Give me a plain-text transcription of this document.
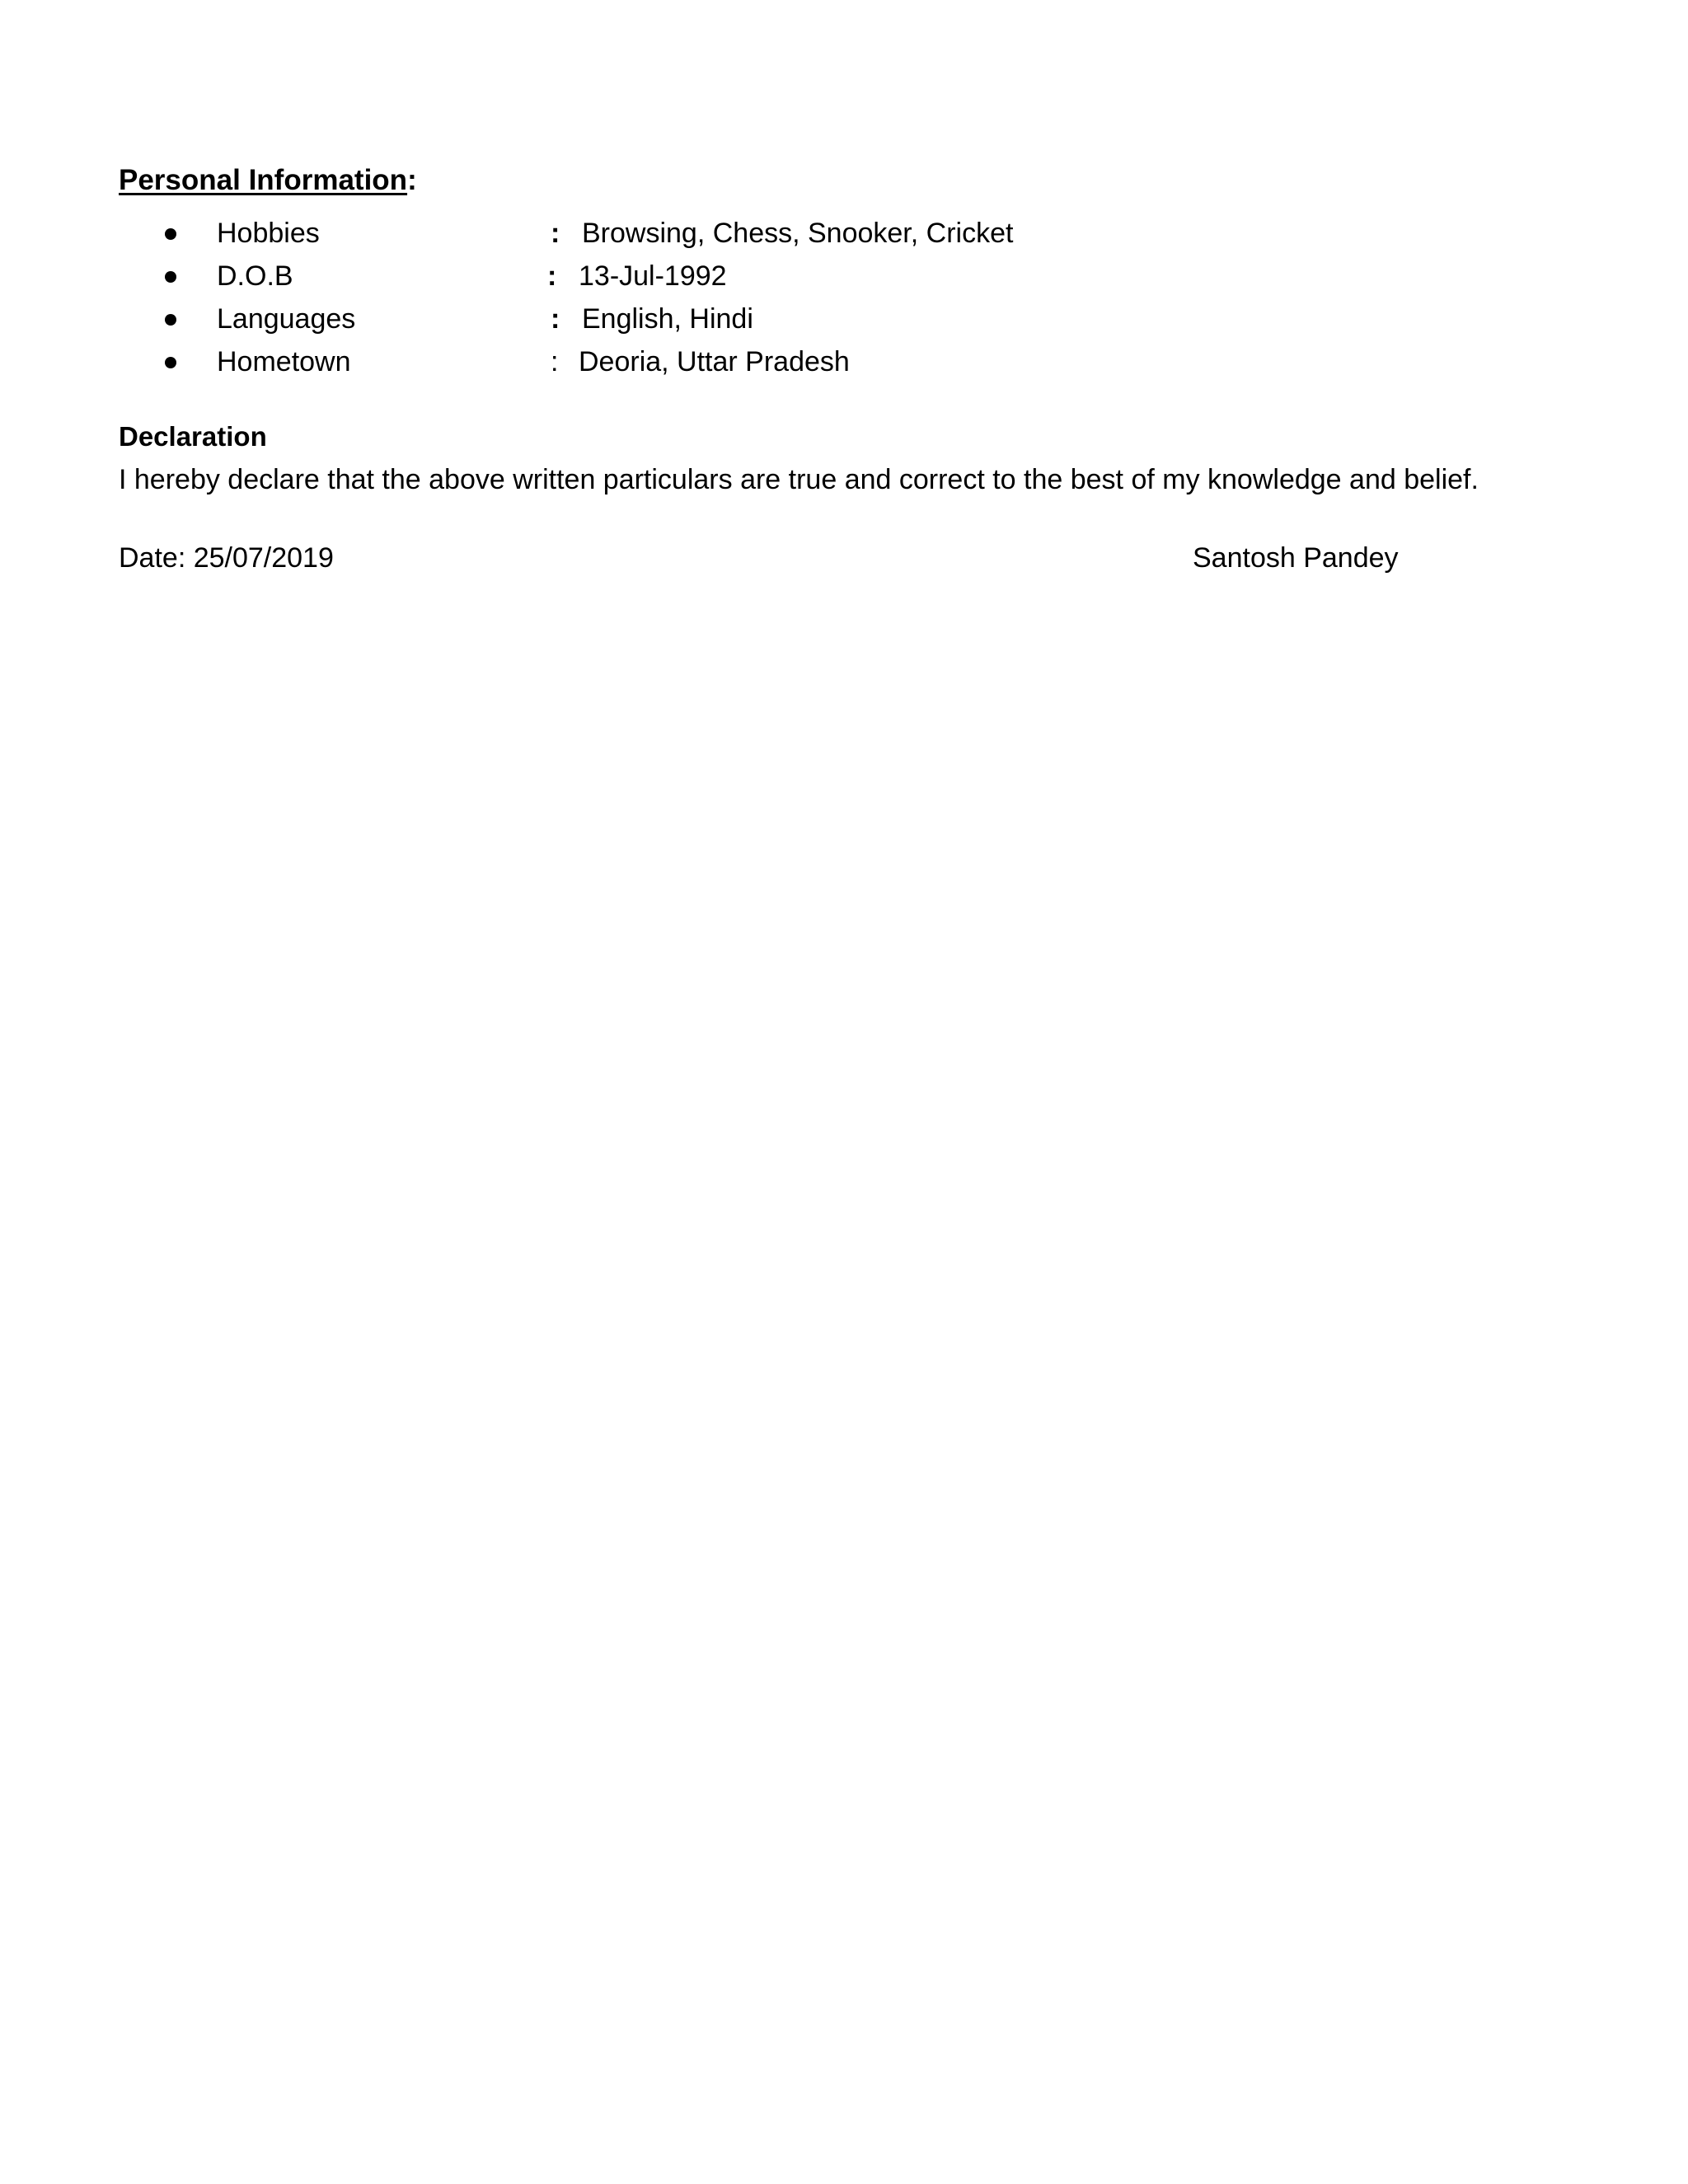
Personal Information:
Hobbies	: Browsing, Chess, Snooker, Cricket
D.O.B	: 13-Jul-1992
Languages	: English, Hindi
Hometown	: Deoria, Uttar Pradesh
Declaration
I hereby declare that the above written particulars are true and correct to the best of my knowledge and belief.
Date: 25/07/2019	Santosh Pandey
